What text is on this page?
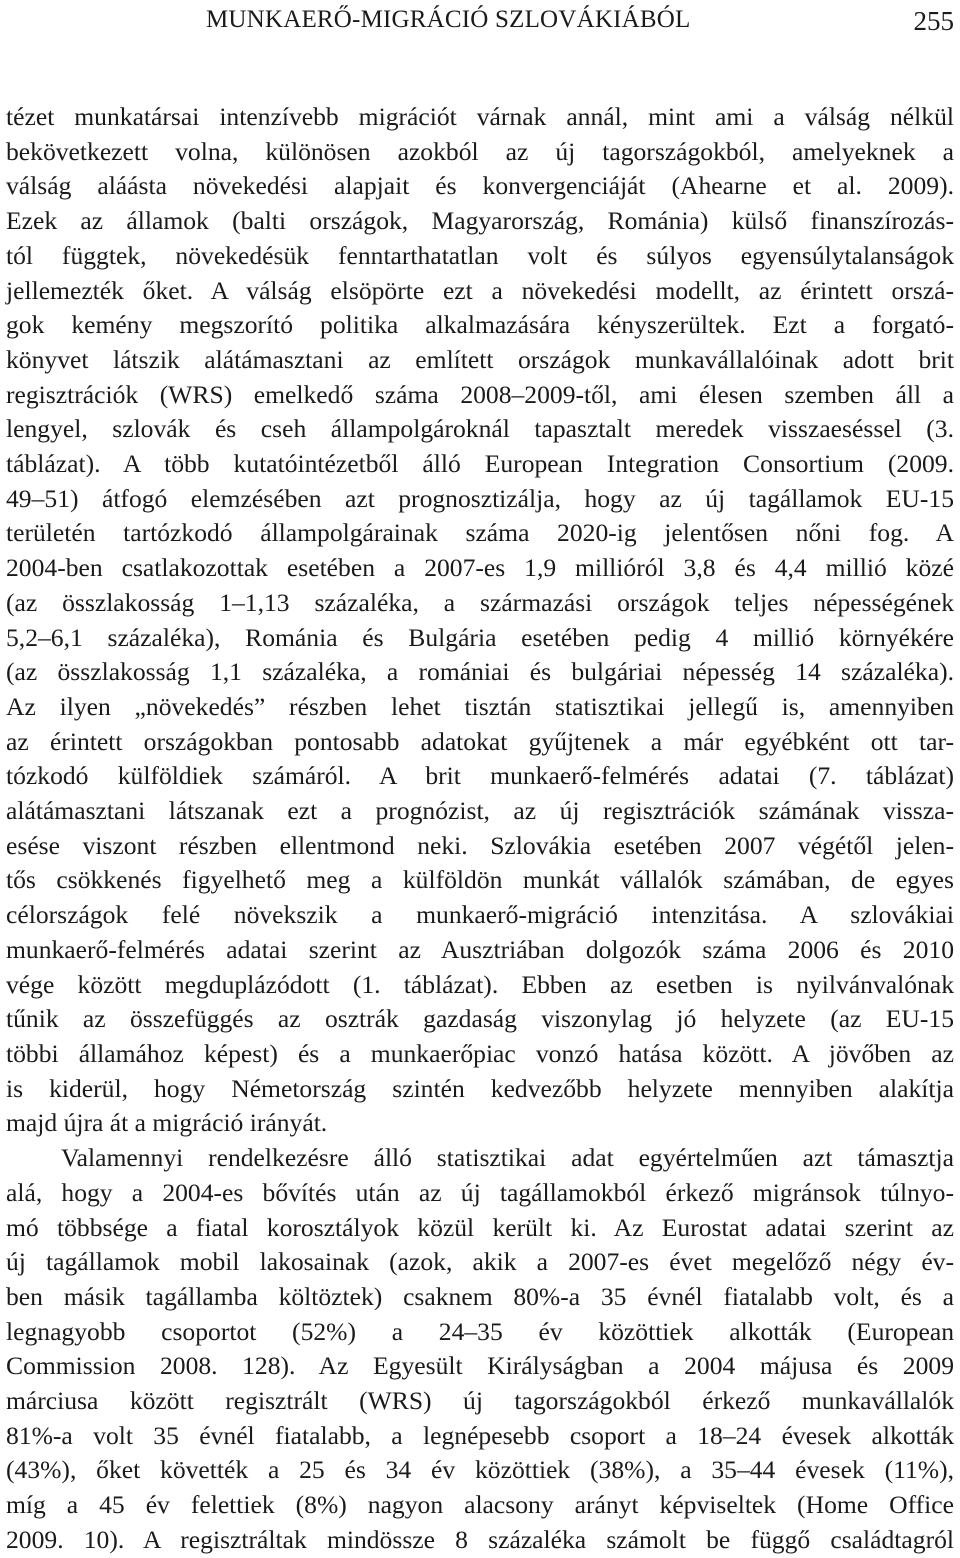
MUNKAERŐ-MIGRÁCIÓ SZLOVÁKIÁBÓL	255

tézet munkatársai intenzívebb migrációt várnak annál, mint ami a válság nélkül

bekövetkezett volna, különösen azokból az új tagországokból, amelyeknek a

válság aláásta növekedési alapjait és konvergenciáját (Ahearne et al. 2009).

Ezek az államok (balti országok, Magyarország, Románia) külső finanszírozás-

tól függtek, növekedésük fenntarthatatlan volt és súlyos egyensúlytalanságok

jellemezték őket. A válság elsöpörte ezt a növekedési modellt, az érintett orszá-

gok kemény megszorító politika alkalmazására kényszerültek. Ezt a forgató-

könyvet látszik alátámasztani az említett országok munkavállalóinak adott brit

regisztrációk (WRS) emelkedő száma 2008–2009-től, ami élesen szemben áll a

lengyel, szlovák és cseh állampolgároknál tapasztalt meredek visszaeséssel (3.

táblázat). A több kutatóintézetből álló European Integration Consortium (2009.

49–51) átfogó elemzésében azt prognosztizálja, hogy az új tagállamok EU-15

területén tartózkodó állampolgárainak száma 2020-ig jelentősen nőni fog. A

2004-ben csatlakozottak esetében a 2007-es 1,9 millióról 3,8 és 4,4 millió közé

(az összlakosság 1–1,13 százaléka, a származási országok teljes népességének

5,2–6,1 százaléka), Románia és Bulgária esetében pedig 4 millió környékére

(az összlakosság 1,1 százaléka, a romániai és bulgáriai népesség 14 százaléka).

Az ilyen „növekedés” részben lehet tisztán statisztikai jellegű is, amennyiben

az érintett országokban pontosabb adatokat gyűjtenek a már egyébként ott tar-

tózkodó külföldiek számáról. A brit munkaerő-felmérés adatai (7. táblázat)

alátámasztani látszanak ezt a prognózist, az új regisztrációk számának vissza-

esése viszont részben ellentmond neki. Szlovákia esetében 2007 végétől jelen-

tős csökkenés figyelhető meg a külföldön munkát vállalók számában, de egyes

célországok felé növekszik a munkaerő-migráció intenzitása. A szlovákiai

munkaerő-felmérés adatai szerint az Ausztriában dolgozók száma 2006 és 2010

vége között megduplázódott (1. táblázat). Ebben az esetben is nyilvánvalónak

tűnik az összefüggés az osztrák gazdaság viszonylag jó helyzete (az EU-15

többi államához képest) és a munkaerőpiac vonzó hatása között. A jövőben az

is kiderül, hogy Németország szintén kedvezőbb helyzete mennyiben alakítja

majd újra át a migráció irányát.

Valamennyi rendelkezésre álló statisztikai adat egyértelműen azt támasztja

alá, hogy a 2004-es bővítés után az új tagállamokból érkező migránsok túlnyo-

mó többsége a fiatal korosztályok közül került ki. Az Eurostat adatai szerint az

új tagállamok mobil lakosainak (azok, akik a 2007-es évet megelőző négy év-

ben másik tagállamba költöztek) csaknem 80%-a 35 évnél fiatalabb volt, és a

legnagyobb csoportot (52%) a 24–35 év közöttiek alkották (European

Commission 2008. 128). Az Egyesült Királyságban a 2004 májusa és 2009

márciusa között regisztrált (WRS) új tagországokból érkező munkavállalók

81%-a volt 35 évnél fiatalabb, a legnépesebb csoport a 18–24 évesek alkották

(43%), őket követték a 25 és 34 év közöttiek (38%), a 35–44 évesek (11%),

míg a 45 év felettiek (8%) nagyon alacsony arányt képviseltek (Home Office

2009. 10). A regisztráltak mindössze 8 százaléka számolt be függő családtagról
